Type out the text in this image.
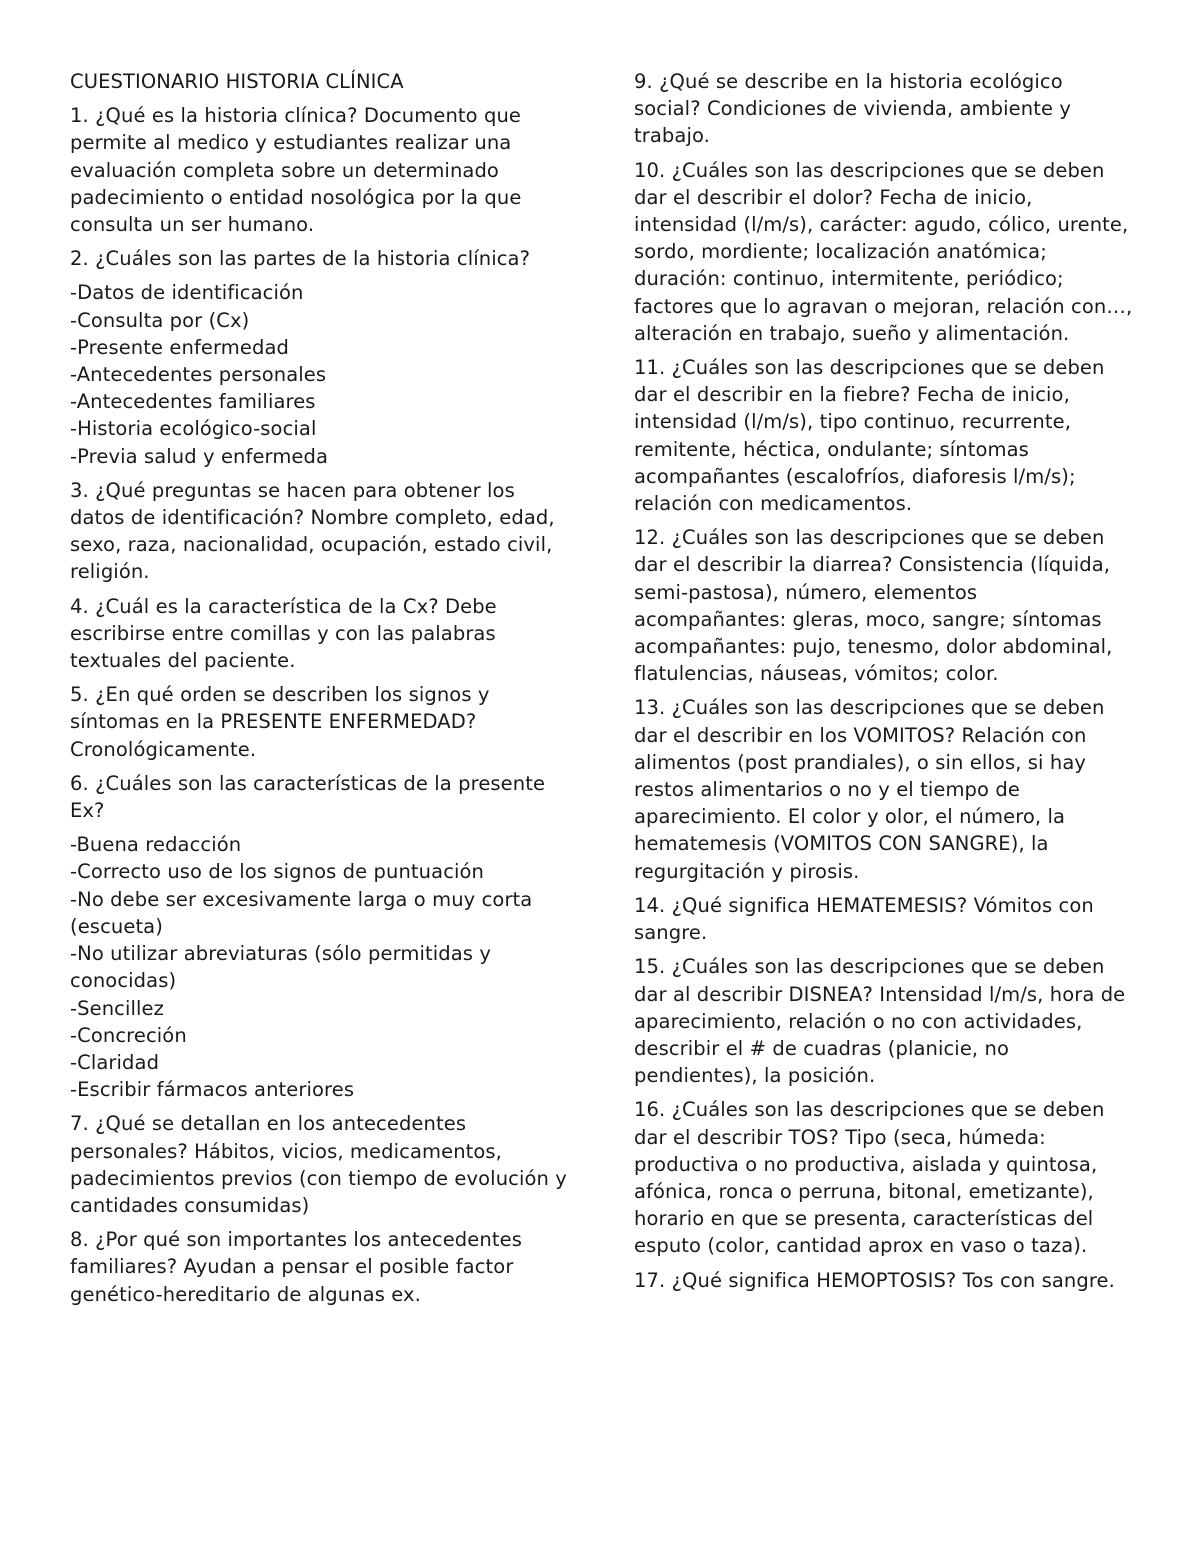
CUESTIONARIO HISTORIA CLÍNICA

1. ¿Qué es la historia clínica? Documento que permite al medico y estudiantes realizar una evaluación completa sobre un determinado padecimiento o entidad nosológica por la que consulta un ser humano.

2. ¿Cuáles son las partes de la historia clínica?

-Datos de identificación
-Consulta por (Cx)
-Presente enfermedad
-Antecedentes personales
-Antecedentes familiares
-Historia ecológico-social
-Previa salud y enfermeda

3. ¿Qué preguntas se hacen para obtener los datos de identificación? Nombre completo, edad, sexo, raza, nacionalidad, ocupación, estado civil, religión.

4. ¿Cuál es la característica de la Cx? Debe escribirse entre comillas y con las palabras textuales del paciente.

5. ¿En qué orden se describen los signos y síntomas en la PRESENTE ENFERMEDAD? Cronológicamente.

6. ¿Cuáles son las características de la presente Ex?

-Buena redacción
-Correcto uso de los signos de puntuación
-No debe ser excesivamente larga o muy corta (escueta)
-No utilizar abreviaturas (sólo permitidas y conocidas)
-Sencillez
-Concreción
-Claridad
-Escribir fármacos anteriores

7. ¿Qué se detallan en los antecedentes personales? Hábitos, vicios, medicamentos, padecimientos previos (con tiempo de evolución y cantidades consumidas)

8. ¿Por qué son importantes los antecedentes familiares? Ayudan a pensar el posible factor genético-hereditario de algunas ex.

9. ¿Qué se describe en la historia ecológico social? Condiciones de vivienda, ambiente y trabajo.

10. ¿Cuáles son las descripciones que se deben dar el describir el dolor? Fecha de inicio, intensidad (l/m/s), carácter: agudo, cólico, urente, sordo, mordiente; localización anatómica; duración: continuo, intermitente, periódico; factores que lo agravan o mejoran, relación con…, alteración en trabajo, sueño y alimentación.

11. ¿Cuáles son las descripciones que se deben dar el describir en la fiebre? Fecha de inicio, intensidad (l/m/s), tipo continuo, recurrente, remitente, héctica, ondulante; síntomas acompañantes (escalofríos, diaforesis l/m/s); relación con medicamentos.

12. ¿Cuáles son las descripciones que se deben dar el describir la diarrea? Consistencia (líquida, semi-pastosa), número, elementos acompañantes: gleras, moco, sangre; síntomas acompañantes: pujo, tenesmo, dolor abdominal, flatulencias, náuseas, vómitos; color.

13. ¿Cuáles son las descripciones que se deben dar el describir en los VOMITOS? Relación con alimentos (post prandiales), o sin ellos, si hay restos alimentarios o no y el tiempo de aparecimiento. El color y olor, el número, la hematemesis (VOMITOS CON SANGRE), la regurgitación y pirosis.

14. ¿Qué significa HEMATEMESIS? Vómitos con sangre.

15. ¿Cuáles son las descripciones que se deben dar al describir DISNEA? Intensidad l/m/s, hora de aparecimiento, relación o no con actividades, describir el # de cuadras (planicie, no pendientes), la posición.

16. ¿Cuáles son las descripciones que se deben dar el describir TOS? Tipo (seca, húmeda: productiva o no productiva, aislada y quintosa, afónica, ronca o perruna, bitonal, emetizante), horario en que se presenta, características del esputo (color, cantidad aprox en vaso o taza).

17. ¿Qué significa HEMOPTOSIS? Tos con sangre.
